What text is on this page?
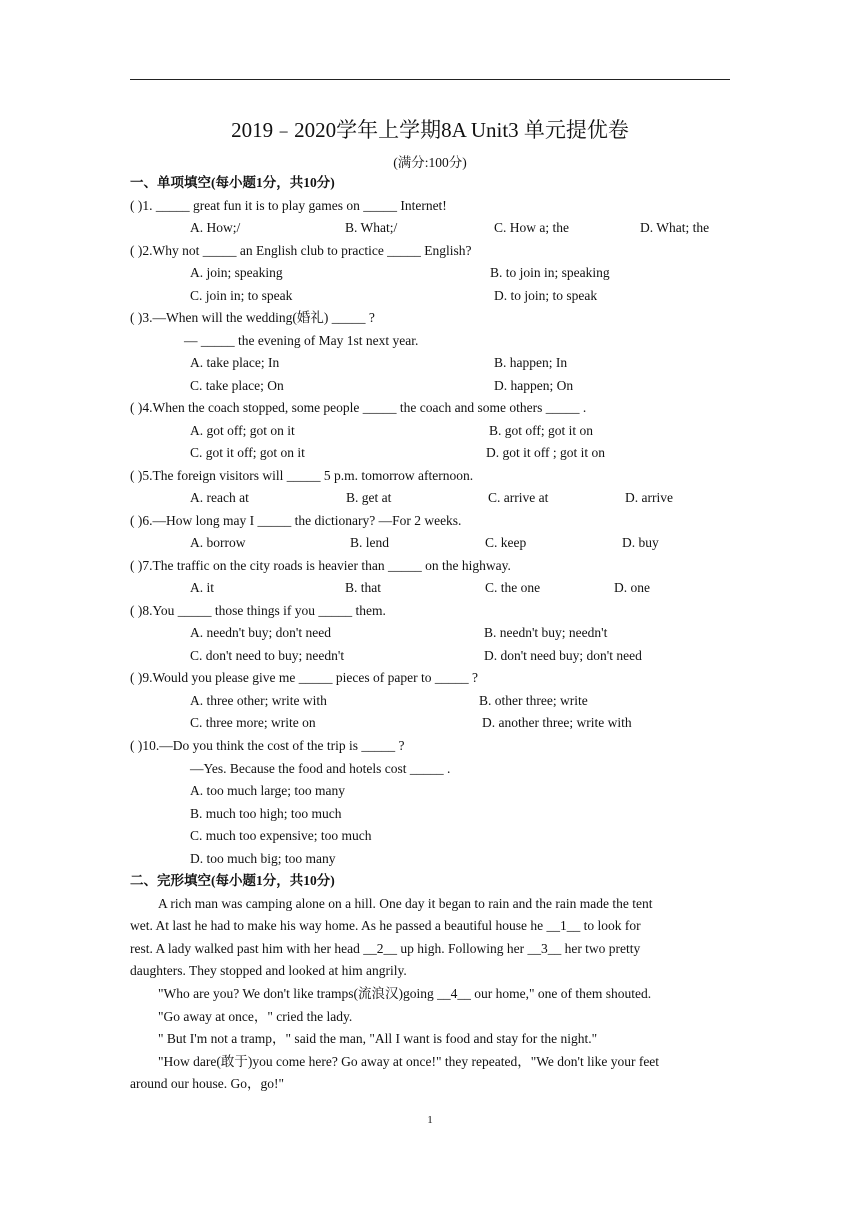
2019﹣2020学年上学期8A Unit3 单元提优卷
(满分:100分)
一、单项填空(每小题1分，共10分)
( )1. _____ great fun it is to play games on _____ Internet!
A. How;/	B. What;/	C. How a; the	D. What; the
( )2.Why not _____ an English club to practice _____ English?
A. join; speaking	B. to join in; speaking
C. join in; to speak	D. to join; to speak
( )3.—When will the wedding(婚礼) _____ ?
— _____ the evening of May 1st next year.
A. take place; In	B. happen; In
C. take place; On	D. happen; On
( )4.When the coach stopped, some people _____ the coach and some others _____ .
A. got off; got on it	B. got off; got it on
C. got it off; got on it	D. got it off ; got it on
( )5.The foreign visitors will _____ 5 p.m. tomorrow afternoon.
A. reach at	B. get at	C. arrive at	D. arrive
( )6.—How long may I _____ the dictionary? —For 2 weeks.
A. borrow	B. lend	C. keep	D. buy
( )7.The traffic on the city roads is heavier than _____ on the highway.
A. it	B. that	C. the one	D. one
( )8.You _____ those things if you _____ them.
A. needn't buy; don't need	B. needn't buy; needn't
C. don't need to buy; needn't	D. don't need buy; don't need
( )9.Would you please give me _____ pieces of paper to _____ ?
A. three other; write with	B. other three; write
C. three more; write on	D. another three; write with
( )10.—Do you think the cost of the trip is _____ ?
—Yes. Because the food and hotels cost _____ .
A. too much large; too many
B. much too high; too much
C. much too expensive; too much
D. too much big; too many
二、完形填空(每小题1分，共10分)
A rich man was camping alone on a hill. One day it began to rain and the rain made the tent
wet. At last he had to make his way home. As he passed a beautiful house he __1__ to look for
rest. A lady walked past him with her head __2__ up high. Following her __3__ her two pretty
daughters. They stopped and looked at him angrily.
"Who are you? We don't like tramps(流浪汉)going __4__ our home," one of them shouted.
"Go away at once，" cried the lady.
" But I'm not a tramp，" said the man, "All I want is food and stay for the night."
"How dare(敢于)you come here? Go away at once!" they repeated，"We don't like your feet
around our house. Go，go!"
1
